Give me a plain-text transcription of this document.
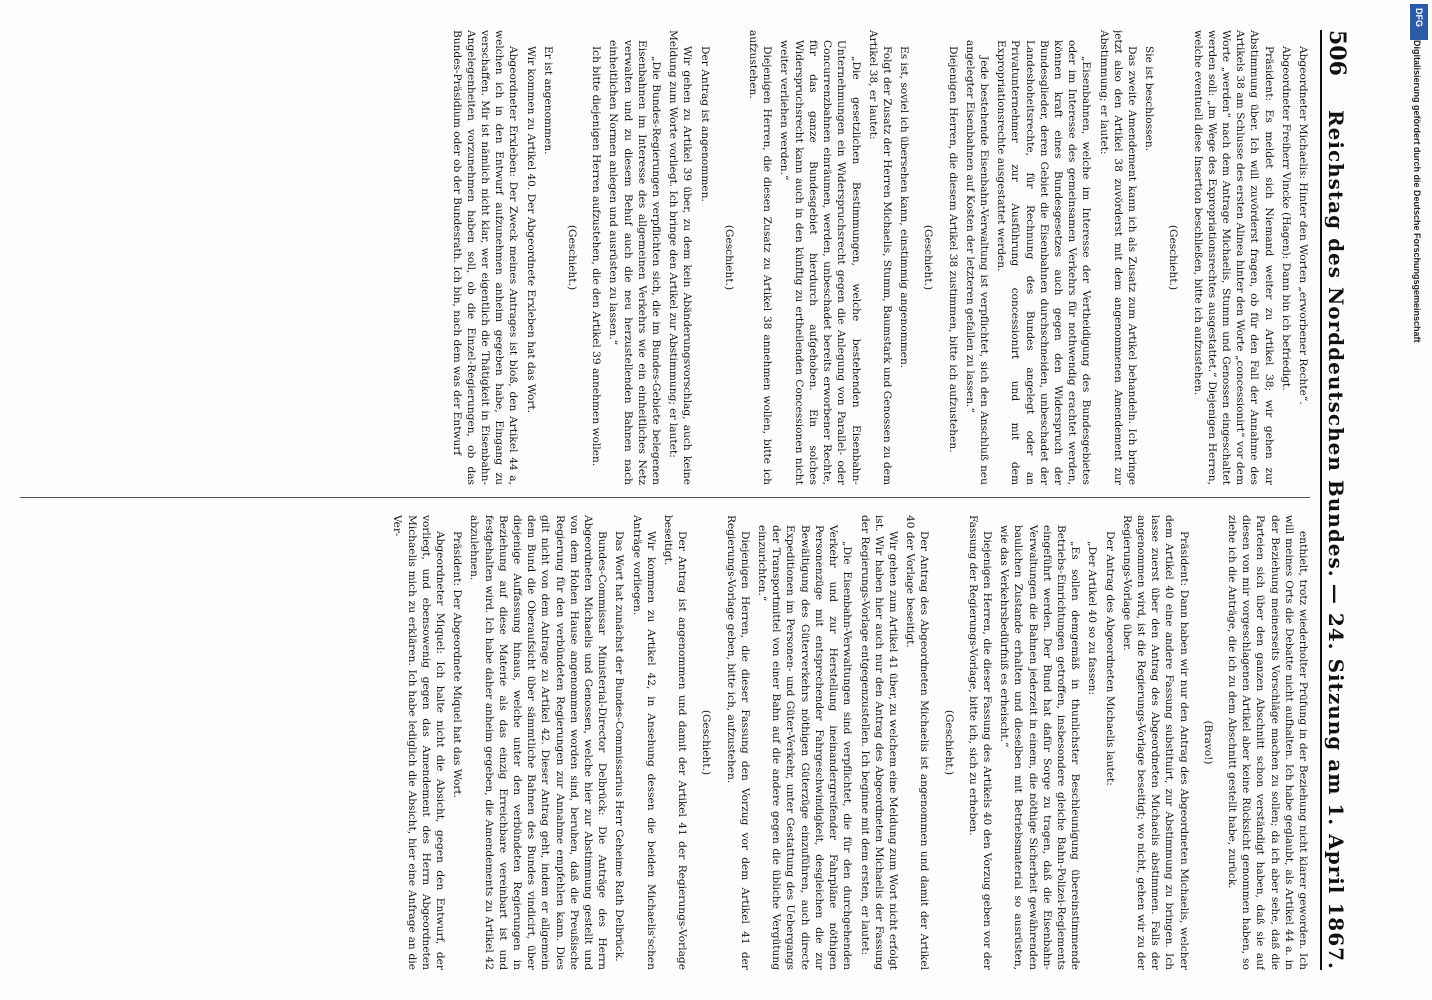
506
Reichstag des Norddeutschen Bundes.
— 24. Sitzung am 1. April 1867.

Abgeordneter Michaelis: Hinter den Worten „erworbener Rechte“.

Abgeordneter Freiherr Vincke (Hagen): Dann bin ich befriedigt.

Präsident: Es meldet sich Niemand weiter zu Artikel 38; wir gehen zur Abstimmung über. Ich will zuvörderst fragen, ob für den Fall der Annahme des Artikels 38 am Schlusse des ersten Alinea hinter den Worte „concessionirt“ vor dem Worte „werden“ nach dem Antrage Michaelis, Stumm und Genossen eingeschaltet werden soll: „im Wege des Expropriationsrechtes ausgestattet.“ Diejenigen Herren, welche eventuell diese Insertion beschließen, bitte ich aufzustehen.

(Geschieht.)

Sie ist beschlossen.

Das zweite Amendement kann ich als Zusatz zum Artikel behandeln. Ich bringe jetzt also den Artikel 38 zuvörderst mit dem angenommenen Amendement zur Abstimmung; er lautet:

„Eisenbahnen, welche im Interesse der Vertheidigung des Bundesgebietes oder im Interesse des gemeinsamen Verkehrs für nothwendig erachtet werden, können kraft eines Bundesgesetzes auch gegen den Widerspruch der Bundesglieder, deren Gebiet die Eisenbahnen durchschneiden, unbeschadet der Landeshoheitsrechte, für Rechnung des Bundes angelegt oder an Privatunternehmer zur Ausführung concessionirt und mit dem Expropriationsrechte ausgestattet werden.

Jede bestehende Eisenbahn-Verwaltung ist verpflichtet, sich den Anschluß neu angelegter Eisenbahnen auf Kosten der letzteren gefallen zu lassen.“

Diejenigen Herren, die diesem Artikel 38 zustimmen, bitte ich aufzustehen.

(Geschieht.)

Es ist, soviel ich übersehen kann, einstimmig angenommen.

Folgt der Zusatz der Herren Michaelis, Stumm, Baumstark und Genossen zu dem Artikel 38, er lautet:

„Die gesetzlichen Bestimmungen, welche bestehenden Eisenbahn-Unternehmungen ein Widerspruchsrecht gegen die Anlegung von Parallel- oder Concurrenzbahnen einräumen, werden, unbeschadet bereits erworbener Rechte, für das ganze Bundesgebiet hierdurch aufgehoben. Ein solches Widerspruchsrecht kann auch in den künftig zu ertheilenden Concessionen nicht weiter verliehen werden.“

Diejenigen Herren, die diesen Zusatz zu Artikel 38 annehmen wollen, bitte ich aufzustehen.

(Geschieht.)

Der Antrag ist angenommen.

Wir gehen zu Artikel 39 über, zu dem kein Abänderungsvorschlag, auch keine Meldung zum Worte vorliegt. Ich bringe den Artikel zur Abstimmung; er lautet:

„Die Bundes-Regierungen verpflichten sich, die im Bundes-Gebiete belegenen Eisenbahnen im Interesse des allgemeinen Verkehrs wie ein einheitliches Netz verwalten und zu diesem Behuf auch die neu herzustellenden Bahnen nach einheitlichen Normen anlegen und ausrüsten zu lassen.“

Ich bitte diejenigen Herren aufzustehen, die den Artikel 39 annehmen wollen.

(Geschieht.)

Er ist angenommen.

Wir kommen zu Artikel 40. Der Abgeordnete Erxleben hat das Wort.

Abgeordneter Erxleben: Der Zweck meines Antrages ist bloß, den Artikel 44 a, welchen ich in den Entwurf aufzunehmen anheim gegeben habe, Eingang zu verschaffen. Mir ist nämlich nicht klar, wer eigentlich die Thätigkeit in Eisenbahn-Angelegenheiten vorzunehmen haben soll, ob die Einzel-Regierungen, ob das Bundes-Präsidium oder ob der Bundesrath. Ich bin, nach dem was der Entwurf

enthielt, trotz wiederholter Prüfung in der Beziehung nicht klarer geworden. Ich will meines Orts die Debatte nicht aufhalten. Ich habe geglaubt, als Artikel 44 a. in der Beziehung meinerseits Vorschläge machen zu sollen; da ich aber sehe, daß die Parteien sich über den ganzen Abschnitt schon verständigt haben, daß sie auf diesen von mir vorgeschlagenen Artikel aber keine Rücksicht genommen haben, so ziehe ich die Anträge, die ich zu dem Abschnitt gestellt habe, zurück.

(Bravo!)

Präsident: Dann haben wir nur den Antrag des Abgeordneten Michaelis, welcher dem Artikel 40 eine andere Fassung substituirt, zur Abstimmung zu bringen. Ich lasse zuerst über den Antrag des Abgeordneten Michaelis abstimmen. Falls der angenommen wird, ist die Regierungs-Vorlage beseitigt; wo nicht, gehen wir zu der Regierungs-Vorlage über.

Der Antrag des Abgeordneten Michaelis lautet:

„Der Artikel 40 so zu fassen:

„Es sollen demgemäß in thunlichster Beschleunigung übereinstimmende Betriebs-Einrichtungen getroffen, insbesondere gleiche Bahn-Polizei-Reglements eingeführt werden. Der Bund hat dafür Sorge zu tragen, daß die Eisenbahn-Verwaltungen die Bahnen jederzeit in einem, die nöthige Sicherheit gewährenden baulichen Zustande erhalten und dieselben mit Betriebsmaterial so ausrüsten, wie das Verkehrsbedürfniß es erheischt.“

Diejenigen Herren, die dieser Fassung des Artikels 40 den Vorzug geben vor der Fassung der Regierungs-Vorlage, bitte ich, sich zu erheben.

(Geschieht.)

Der Antrag des Abgeordneten Michaelis ist angenommen und damit der Artikel 40 der Vorlage beseitigt.

Wir gehen zum Artikel 41 über, zu welchem eine Meldung zum Wort nicht erfolgt ist. Wir haben hier auch nur den Antrag des Abgeordneten Michaelis der Fassung der Regierungs-Vorlage entgegenzustellen. Ich beginne mit dem ersten, er lautet:

„Die Eisenbahn-Verwaltungen sind verpflichtet, die für den durchgehenden Verkehr und zur Herstellung ineinandergreifender Fahrpläne nöthigen Personenzüge mit entsprechender Fahrgeschwindigkeit, desgleichen die zur Bewältigung des Güterverkehrs nöthigen Güterzüge einzuführen, auch directe Expeditionen im Personen- und Güter-Verkehr, unter Gestattung des Uebergangs der Transportmittel von einer Bahn auf die andere gegen die übliche Vergütung einzurichten.“

Diejenigen Herren, die dieser Fassung den Vorzug vor dem Artikel 41 der Regierungs-Vorlage geben, bitte ich, aufzustehen.

(Geschieht.)

Der Antrag ist angenommen und damit der Artikel 41 der Regierungs-Vorlage beseitigt.

Wir kommen zu Artikel 42, in Ansehung dessen die beiden Michaelis'schen Anträge vorliegen.

Das Wort hat zunächst der Bundes-Commissarius Herr Geheime Rath Delbrück.

Bundes-Commissar Ministerial-Director Delbrück: Die Anträge des Herrn Abgeordneten Michaelis und Genossen, welche hier zur Abstimmung gestellt und von dem Hohen Hause angenommen worden sind, beruhen, daß die Preußische Regierung für den verbündeten Regierungen zur Annahme empfehlen kann. Dies gilt nicht von dem Antrage zu Artikel 42. Dieser Antrag geht, indem er allgemein dem Bund die Oberaufsicht über sämmtliche Bahnen des Bundes vindicirt, über diejenige Auffassung hinaus, welche unter den verbündeten Regierungen in Beziehung auf diese Materie als das einzig Erreichbare vereinbart ist und festgehalten wird. Ich habe daher anheim gegeben, die Amendements zu Artikel 42 abzulehnen.

Präsident: Der Abgeordnete Miquel hat das Wort.

Abgeordneter Miquel: Ich halte nicht die Absicht, gegen den Entwurf, der vorliegt, und ebensowenig gegen das Amendement des Herrn Abgeordneten Michaelis mich zu erklären. Ich habe lediglich die Absicht, hier eine Anfrage an die Ver-

DFG
Digitalisierung gefördert durch die Deutsche Forschungsgemeinschaft
